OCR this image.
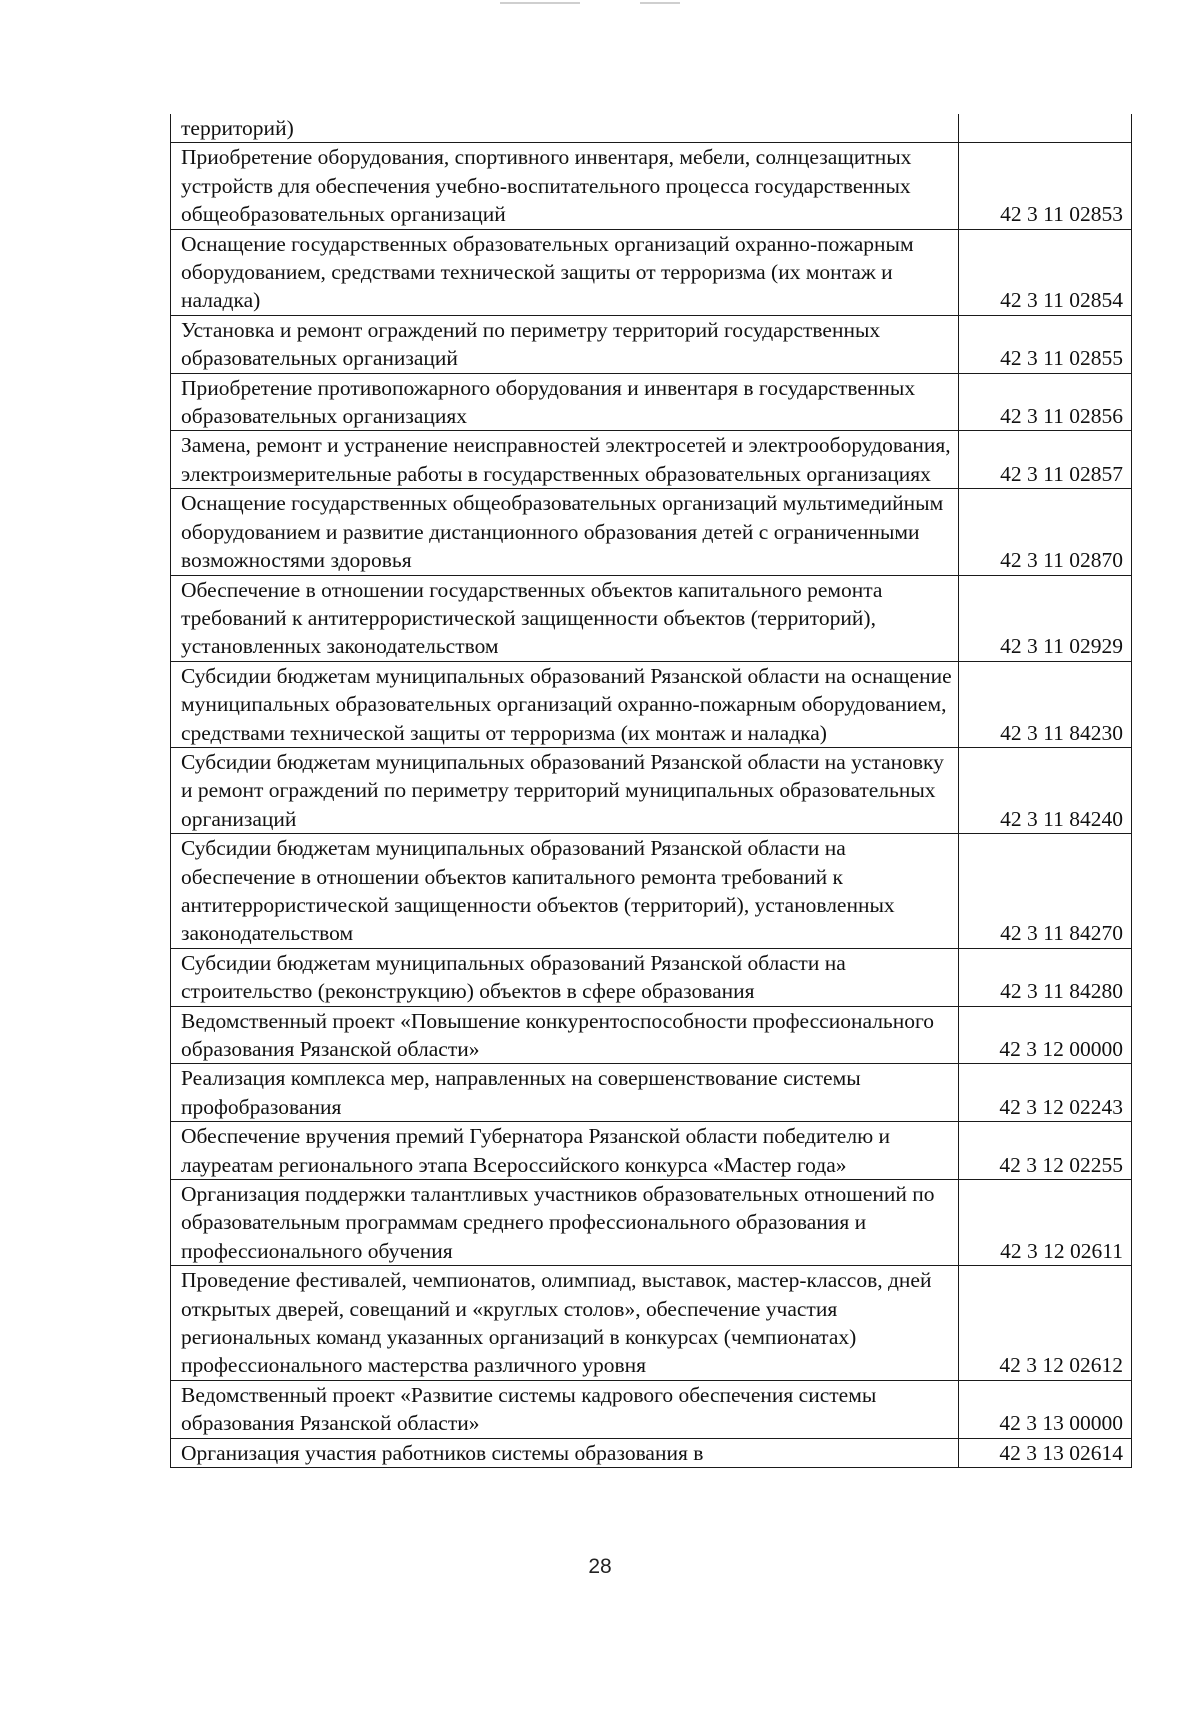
территорий)	
Приобретение оборудования, спортивного инвентаря, мебели, солнцезащитных устройств для обеспечения учебно-воспитательного процесса государственных общеобразовательных организаций	42 3 11 02853
Оснащение государственных образовательных организаций охранно-пожарным оборудованием, средствами технической защиты от терроризма (их монтаж и наладка)	42 3 11 02854
Установка и ремонт ограждений по периметру территорий государственных образовательных организаций	42 3 11 02855
Приобретение противопожарного оборудования и инвентаря в государственных образовательных организациях	42 3 11 02856
Замена, ремонт и устранение неисправностей электросетей и электрооборудования, электроизмерительные работы в государственных образовательных организациях	42 3 11 02857
Оснащение государственных общеобразовательных организаций мультимедийным оборудованием и развитие дистанционного образования детей с ограниченными возможностями здоровья	42 3 11 02870
Обеспечение в отношении государственных объектов капитального ремонта требований к антитеррористической защищенности объектов (территорий), установленных законодательством	42 3 11 02929
Субсидии бюджетам муниципальных образований Рязанской области на оснащение муниципальных образовательных организаций охранно-пожарным оборудованием, средствами технической защиты от терроризма (их монтаж и наладка)	42 3 11 84230
Субсидии бюджетам муниципальных образований Рязанской области на установку и ремонт ограждений по периметру территорий муниципальных образовательных организаций	42 3 11 84240
Субсидии бюджетам муниципальных образований Рязанской области на обеспечение в отношении объектов капитального ремонта требований к антитеррористической защищенности объектов (территорий), установленных законодательством	42 3 11 84270
Субсидии бюджетам муниципальных образований Рязанской области на строительство (реконструкцию) объектов в сфере образования	42 3 11 84280
Ведомственный проект «Повышение конкурентоспособности профессионального образования Рязанской области»	42 3 12 00000
Реализация комплекса мер, направленных на совершенствование системы профобразования	42 3 12 02243
Обеспечение вручения премий Губернатора Рязанской области победителю и лауреатам регионального этапа Всероссийского конкурса «Мастер года»	42 3 12 02255
Организация поддержки талантливых участников образовательных отношений по образовательным программам среднего профессионального образования и профессионального обучения	42 3 12 02611
Проведение фестивалей, чемпионатов, олимпиад, выставок, мастер-классов, дней открытых дверей, совещаний и «круглых столов», обеспечение участия региональных команд указанных организаций в конкурсах (чемпионатах) профессионального мастерства различного уровня	42 3 12 02612
Ведомственный проект «Развитие системы кадрового обеспечения системы образования Рязанской области»	42 3 13 00000
Организация участия работников системы образования в	42 3 13 02614
28
